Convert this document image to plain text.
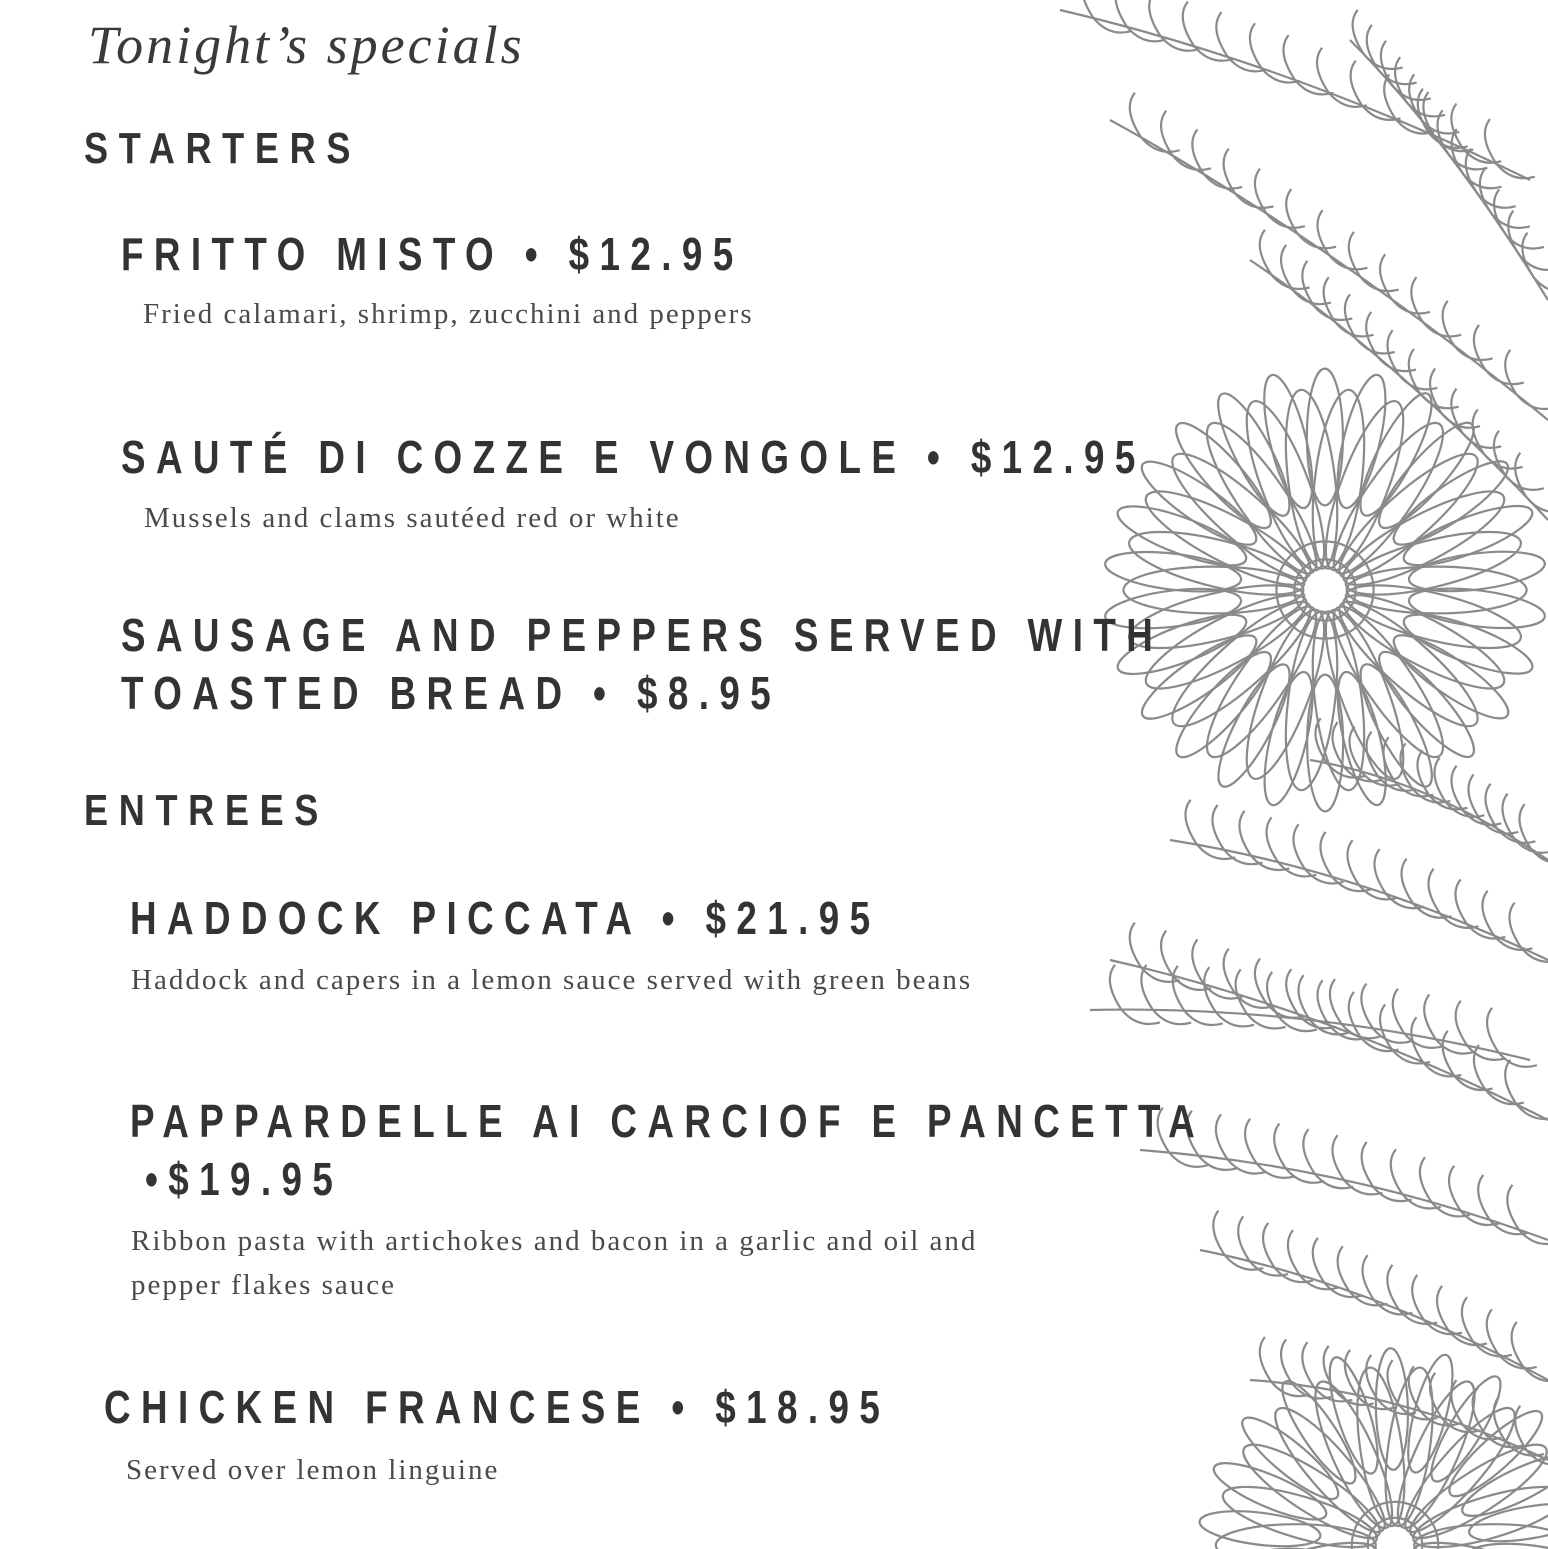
Tonight’s specials
STARTERS
FRITTO MISTO • $12.95
Fried calamari, shrimp, zucchini and peppers
SAUTÉ DI COZZE E VONGOLE • $12.95
Mussels and clams sautéed red or white
SAUSAGE AND PEPPERS SERVED WITH
TOASTED BREAD • $8.95
ENTREES
HADDOCK PICCATA • $21.95
Haddock and capers in a lemon sauce served with green beans
PAPPARDELLE AI CARCIOF E PANCETTA
•$19.95
Ribbon pasta with artichokes and bacon in a garlic and oil and
pepper flakes sauce
CHICKEN FRANCESE • $18.95
Served over lemon linguine
